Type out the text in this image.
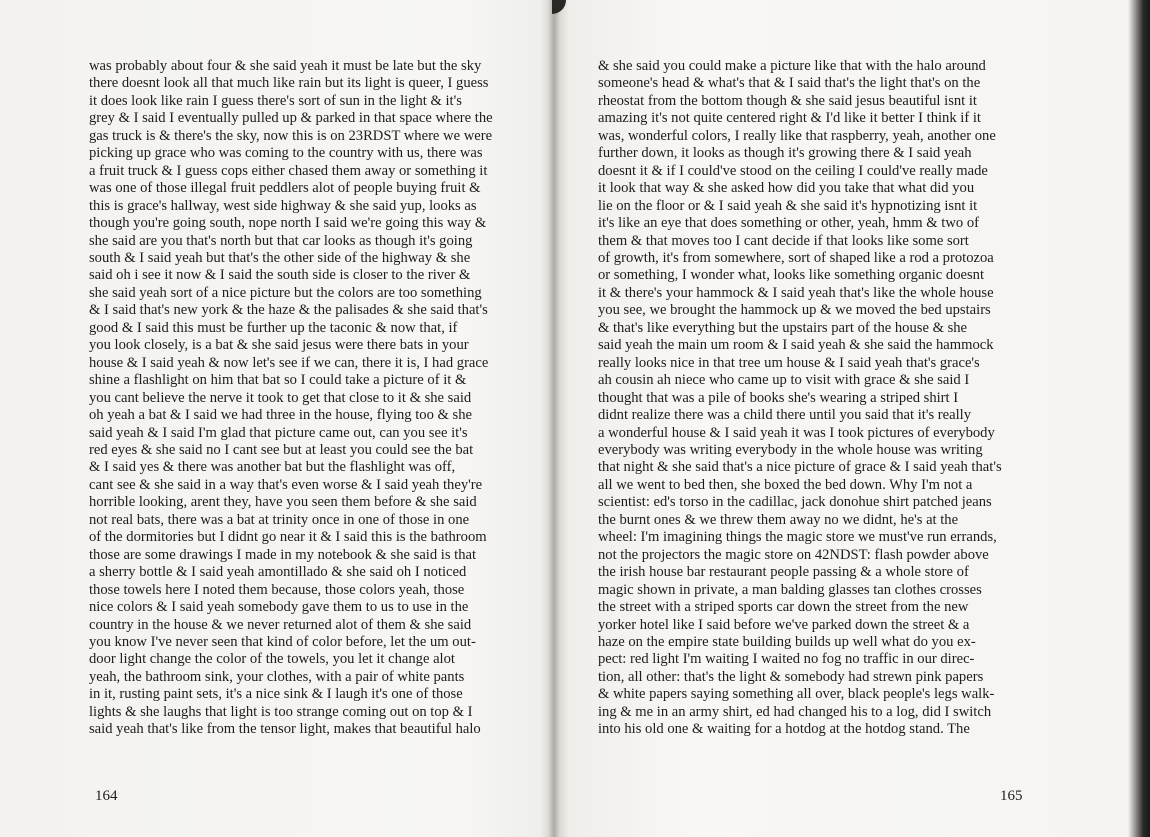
was probably about four & she said yeah it must be late but the sky
there doesnt look all that much like rain but its light is queer, I guess
it does look like rain I guess there's sort of sun in the light & it's
grey & I said I eventually pulled up & parked in that space where the
gas truck is & there's the sky, now this is on 23RDST where we were
picking up grace who was coming to the country with us, there was
a fruit truck & I guess cops either chased them away or something it
was one of those illegal fruit peddlers alot of people buying fruit &
this is grace's hallway, west side highway & she said yup, looks as
though you're going south, nope north I said we're going this way &
she said are you that's north but that car looks as though it's going
south & I said yeah but that's the other side of the highway & she
said oh i see it now & I said the south side is closer to the river &
she said yeah sort of a nice picture but the colors are too something
& I said that's new york & the haze & the palisades & she said that's
good & I said this must be further up the taconic & now that, if
you look closely, is a bat & she said jesus were there bats in your
house & I said yeah & now let's see if we can, there it is, I had grace
shine a flashlight on him that bat so I could take a picture of it &
you cant believe the nerve it took to get that close to it & she said
oh yeah a bat & I said we had three in the house, flying too & she
said yeah & I said I'm glad that picture came out, can you see it's
red eyes & she said no I cant see but at least you could see the bat
& I said yes & there was another bat but the flashlight was off,
cant see & she said in a way that's even worse & I said yeah they're
horrible looking, arent they, have you seen them before & she said
not real bats, there was a bat at trinity once in one of those in one
of the dormitories but I didnt go near it & I said this is the bathroom
those are some drawings I made in my notebook & she said is that
a sherry bottle & I said yeah amontillado & she said oh I noticed
those towels here I noted them because, those colors yeah, those
nice colors & I said yeah somebody gave them to us to use in the
country in the house & we never returned alot of them & she said
you know I've never seen that kind of color before, let the um out-
door light change the color of the towels, you let it change alot
yeah, the bathroom sink, your clothes, with a pair of white pants
in it, rusting paint sets, it's a nice sink & I laugh it's one of those
lights & she laughs that light is too strange coming out on top & I
said yeah that's like from the tensor light, makes that beautiful halo
164
& she said you could make a picture like that with the halo around
someone's head & what's that & I said that's the light that's on the
rheostat from the bottom though & she said jesus beautiful isnt it
amazing it's not quite centered right & I'd like it better I think if it
was, wonderful colors, I really like that raspberry, yeah, another one
further down, it looks as though it's growing there & I said yeah
doesnt it & if I could've stood on the ceiling I could've really made
it look that way & she asked how did you take that what did you
lie on the floor or & I said yeah & she said it's hypnotizing isnt it
it's like an eye that does something or other, yeah, hmm & two of
them & that moves too I cant decide if that looks like some sort
of growth, it's from somewhere, sort of shaped like a rod a protozoa
or something, I wonder what, looks like something organic doesnt
it & there's your hammock & I said yeah that's like the whole house
you see, we brought the hammock up & we moved the bed upstairs
& that's like everything but the upstairs part of the house & she
said yeah the main um room & I said yeah & she said the hammock
really looks nice in that tree um house & I said yeah that's grace's
ah cousin ah niece who came up to visit with grace & she said I
thought that was a pile of books she's wearing a striped shirt I
didnt realize there was a child there until you said that it's really
a wonderful house & I said yeah it was I took pictures of everybody
everybody was writing everybody in the whole house was writing
that night & she said that's a nice picture of grace & I said yeah that's
all we went to bed then, she boxed the bed down. Why I'm not a
scientist: ed's torso in the cadillac, jack donohue shirt patched jeans
the burnt ones & we threw them away no we didnt, he's at the
wheel: I'm imagining things the magic store we must've run errands,
not the projectors the magic store on 42NDST: flash powder above
the irish house bar restaurant people passing & a whole store of
magic shown in private, a man balding glasses tan clothes crosses
the street with a striped sports car down the street from the new
yorker hotel like I said before we've parked down the street & a
haze on the empire state building builds up well what do you ex-
pect: red light I'm waiting I waited no fog no traffic in our direc-
tion, all other: that's the light & somebody had strewn pink papers
& white papers saying something all over, black people's legs walk-
ing & me in an army shirt, ed had changed his to a log, did I switch
into his old one & waiting for a hotdog at the hotdog stand. The
165
